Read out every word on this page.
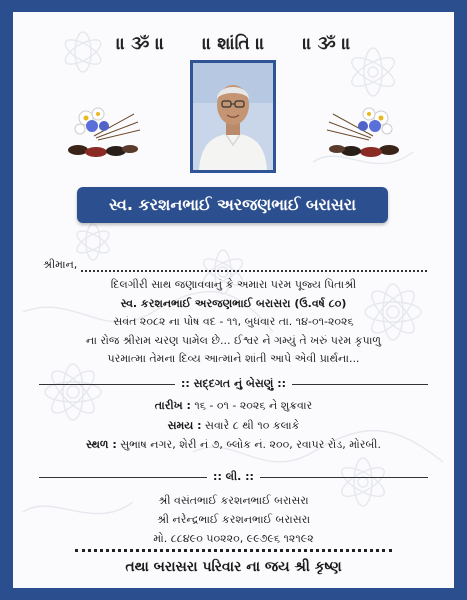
॥ ૐ ॥ ॥ શાંતિ ॥ ॥ ૐ ॥
સ્વ. કરશનભાઈ અરજણભાઈ બરાસરા
શ્રીમાન,
દિલગીરી સાથ જણાવવાનું કે અમારા પરમ પૂજ્ય પિતાશ્રી
સ્વ. કરશનભાઈ અરજણભાઈ બરાસરા (ઉ.વર્ષ ૮૦)
સવંત ૨૦૮૨ ના પોષ વદ - ૧૧, બુધવાર તા. ૧૪-૦૧-૨૦૨૬
ના રોજ શ્રીરામ ચરણ પામેલ છે... ઈશ્વર ને ગમ્યું તે ખરું પરમ કૃપાળુ
પરમાત્મા તેમના દિવ્ય આત્માને શાંતી આપે એવી પ્રાર્થના...
:: સદ્દગત નું બેસણું ::
તારીખ : ૧૬ - ૦૧ - ૨૦૨૬ ને શુક્રવાર
સમય : સવારે ૮ થી ૧૦ કલાકે
સ્થળ : સુભાષ નગર, શેરી નં ૭, બ્લોક નં. ૨૦૦, રવાપર રોડ, મોરબી.
:: લી. ::
શ્રી વસંતભાઈ કરશનભાઈ બરાસરા
શ્રી નરેન્દ્રભાઈ કરશનભાઈ બરાસરા
મો. ૮૮૪૯૦ ૫૦૨૨૦, ૯૯૭૯૬ ૧૨૧૯૨
તથા બરાસરા પરિવાર ના જય શ્રી કૃષ્ણ
